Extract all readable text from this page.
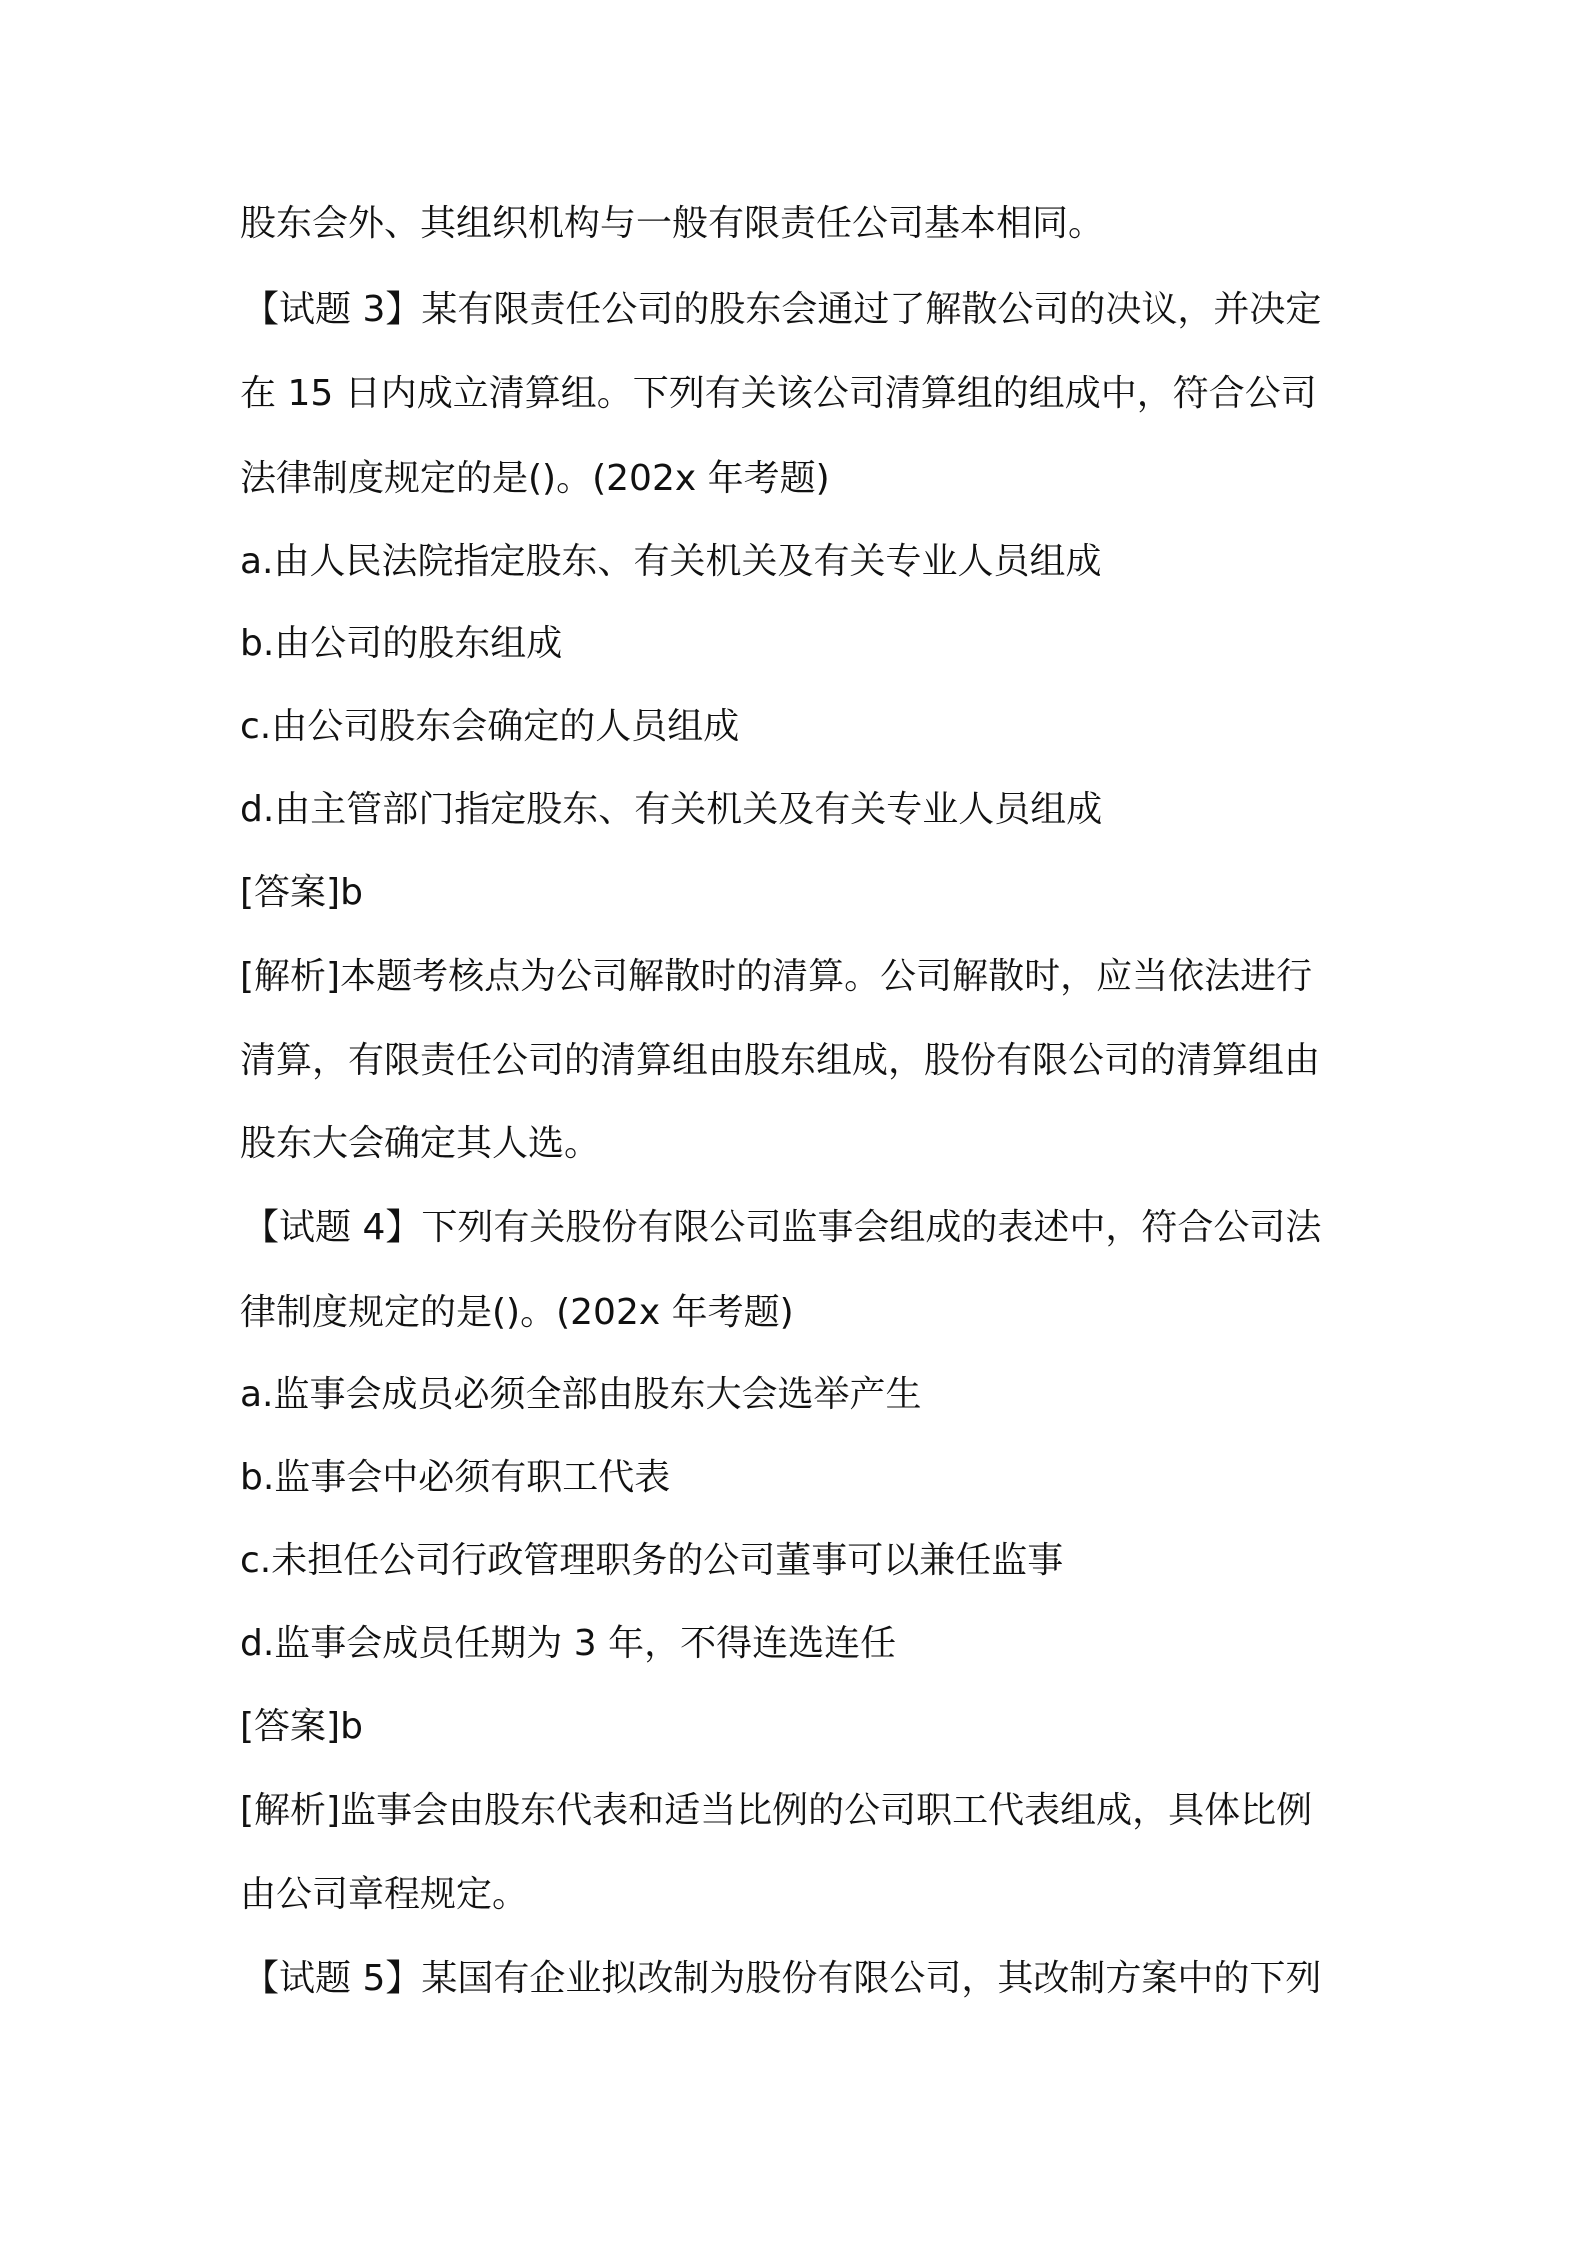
股东会外、其组织机构与一般有限责任公司基本相同。
【试题 3】某有限责任公司的股东会通过了解散公司的决议，并决定
在 15 日内成立清算组。下列有关该公司清算组的组成中，符合公司
法律制度规定的是()。(202x 年考题)
a.由人民法院指定股东、有关机关及有关专业人员组成
b.由公司的股东组成
c.由公司股东会确定的人员组成
d.由主管部门指定股东、有关机关及有关专业人员组成
[答案]b
[解析]本题考核点为公司解散时的清算。公司解散时，应当依法进行
清算，有限责任公司的清算组由股东组成，股份有限公司的清算组由
股东大会确定其人选。
【试题 4】下列有关股份有限公司监事会组成的表述中，符合公司法
律制度规定的是()。(202x 年考题)
a.监事会成员必须全部由股东大会选举产生
b.监事会中必须有职工代表
c.未担任公司行政管理职务的公司董事可以兼任监事
d.监事会成员任期为 3 年，不得连选连任
[答案]b
[解析]监事会由股东代表和适当比例的公司职工代表组成，具体比例
由公司章程规定。
【试题 5】某国有企业拟改制为股份有限公司，其改制方案中的下列
